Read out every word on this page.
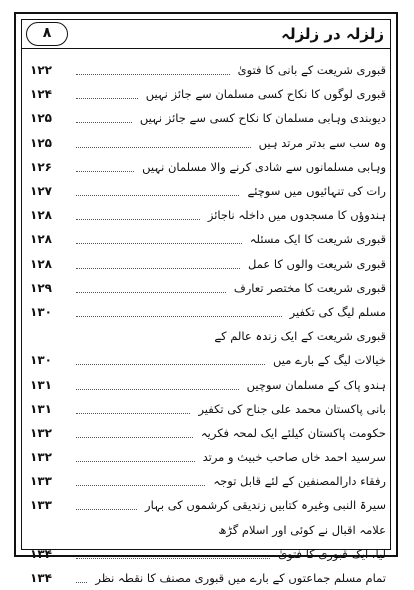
۸	زلزلہ در زلزلہ
قبوری شریعت کے بانی کا فتویٰ
۱۲۲
قبوری لوگوں کا نکاح کسی مسلمان سے جائز نہیں
۱۲۴
دیوبندی وہابی مسلمان کا نکاح کسی سے جائز نہیں
۱۲۵
وہ سب سے بدتر مرتد ہیں
۱۲۵
وہابی مسلمانوں سے شادی کرنے والا مسلمان نہیں
۱۲۶
رات کی تنہائیوں میں سوچئے
۱۲۷
ہندوؤں کا مسجدوں میں داخلہ ناجائز
۱۲۸
قبوری شریعت کا ایک مسئلہ
۱۲۸
قبوری شریعت والوں کا عمل
۱۲۸
قبوری شریعت کا مختصر تعارف
۱۲۹
مسلم لیگ کی تکفیر
۱۳۰
قبوری شریعت کے ایک زندہ عالم کے
خیالات لیگ کے بارے میں
۱۳۰
ہندو پاک کے مسلمان سوچیں
۱۳۱
بانی پاکستان محمد علی جناح کی تکفیر
۱۳۱
حکومت پاکستان کیلئے ایک لمحہ فکریہ
۱۳۲
سرسید احمد خاں صاحب خبیث و مرتد
۱۳۲
رفقاء دارالمصنفین کے لئے قابل توجہ
۱۳۳
سیرۃ النبی وغیرہ کتابیں زندیقی کرشموں کی بہار
۱۳۳
علامہ اقبال نے کوئی اور اسلام گڑھ
لیا، ایک قبوری کا فتویٰ
۱۳۴
تمام مسلم جماعتوں کے بارے میں قبوری مصنف کا نقطہ نظر
۱۳۴
